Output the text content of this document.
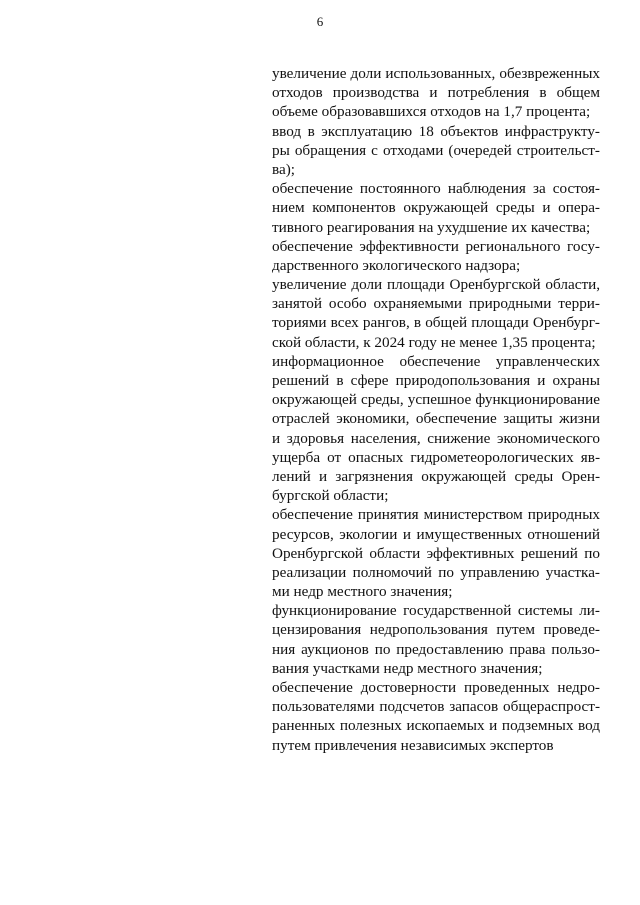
6
увеличение доли использованных, обезвреженных
отходов производства и потребления в общем
объеме образовавшихся отходов на 1,7 процента;
ввод в эксплуатацию 18 объектов инфраструкту-
ры обращения с отходами (очередей строительст-
ва);
обеспечение постоянного наблюдения за состоя-
нием компонентов окружающей среды и опера-
тивного реагирования на ухудшение их качества;
обеспечение эффективности регионального госу-
дарственного экологического надзора;
увеличение доли площади Оренбургской области,
занятой особо охраняемыми природными терри-
ториями всех рангов, в общей площади Оренбург-
ской области, к 2024 году не менее 1,35 процента;
информационное обеспечение управленческих
решений в сфере природопользования и охраны
окружающей среды, успешное функционирование
отраслей экономики, обеспечение защиты жизни
и здоровья населения, снижение экономического
ущерба от опасных гидрометеорологических яв-
лений и загрязнения окружающей среды Орен-
бургской области;
обеспечение принятия министерством природных
ресурсов, экологии и имущественных отношений
Оренбургской области эффективных решений по
реализации полномочий по управлению участка-
ми недр местного значения;
функционирование государственной системы ли-
цензирования недропользования путем проведе-
ния аукционов по предоставлению права пользо-
вания участками недр местного значения;
обеспечение достоверности проведенных недро-
пользователями подсчетов запасов общераспрост-
раненных полезных ископаемых и подземных вод
путем привлечения независимых экспертов
